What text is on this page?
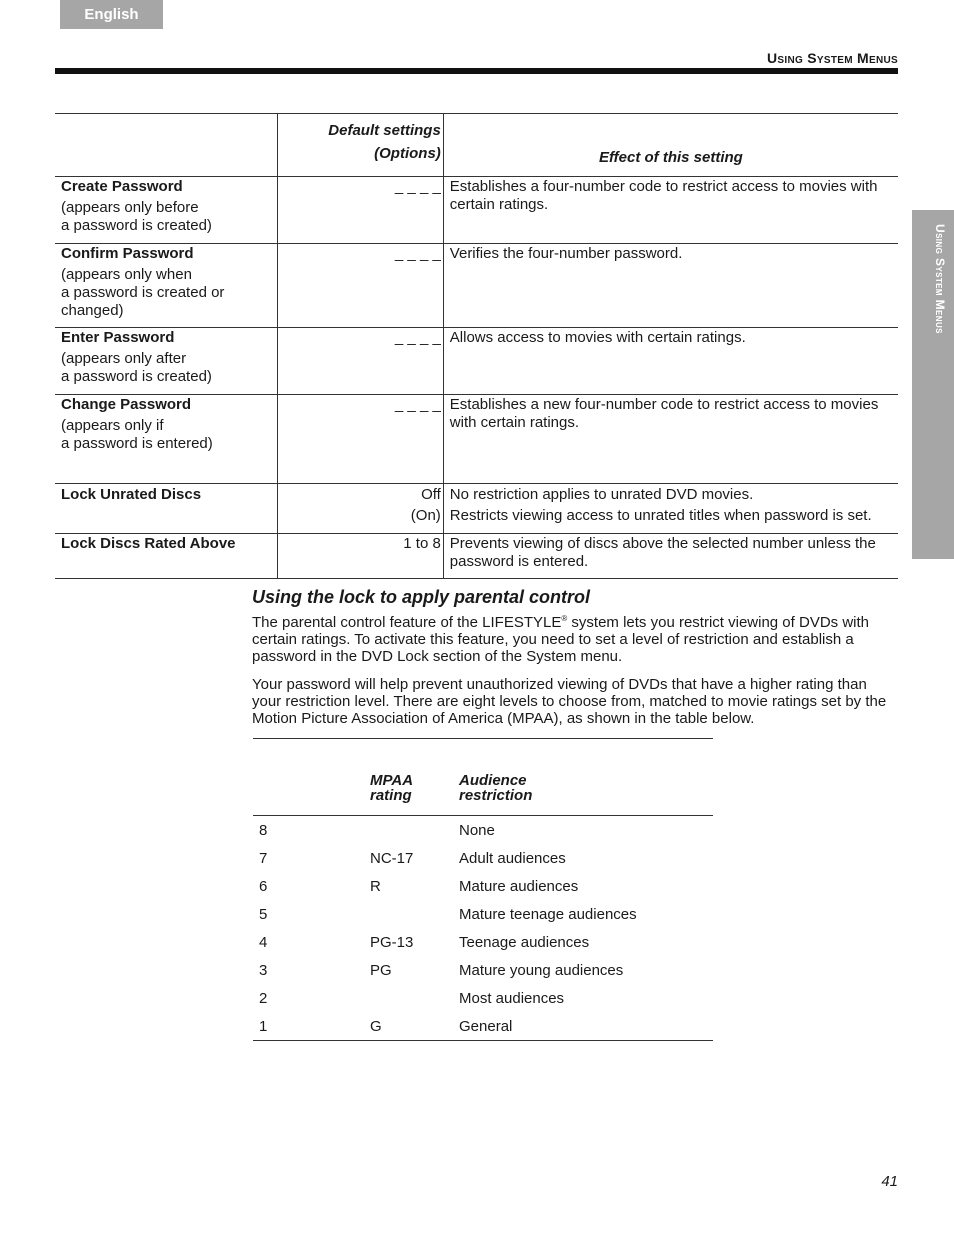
English
Using System Menus
Using System Menus
	Default settings
(Options)	Effect of this setting

Create Password
(appears only before
a password is created)	_ _ _ _	Establishes a four-number code to restrict access to movies with certain ratings.

Confirm Password
(appears only when
a password is created or
changed)	_ _ _ _	Verifies the four-number password.

Enter Password
(appears only after
a password is created)	_ _ _ _	Allows access to movies with certain ratings.

Change Password
(appears only if
a password is entered)	_ _ _ _	Establishes a new four-number code to restrict access to movies with certain ratings.

Lock Unrated Discs	Off
(On)	No restriction applies to unrated DVD movies.
Restricts viewing access to unrated titles when password is set.

Lock Discs Rated Above	1 to 8	Prevents viewing of discs above the selected number unless the password is entered.
Using the lock to apply parental control

The parental control feature of the LIFESTYLE® system lets you restrict viewing of DVDs with certain ratings. To activate this feature, you need to set a level of restriction and establish a password in the DVD Lock section of the System menu.

Your password will help prevent unauthorized viewing of DVDs that have a higher rating than your restriction level. There are eight levels to choose from, matched to movie ratings set by the Motion Picture Association of America (MPAA), as shown in the table below.

	MPAA
rating	Audience
restriction
8		None
7	NC-17	Adult audiences
6	R	Mature audiences
5		Mature teenage audiences
4	PG-13	Teenage audiences
3	PG	Mature young audiences
2		Most audiences
1	G	General
41
